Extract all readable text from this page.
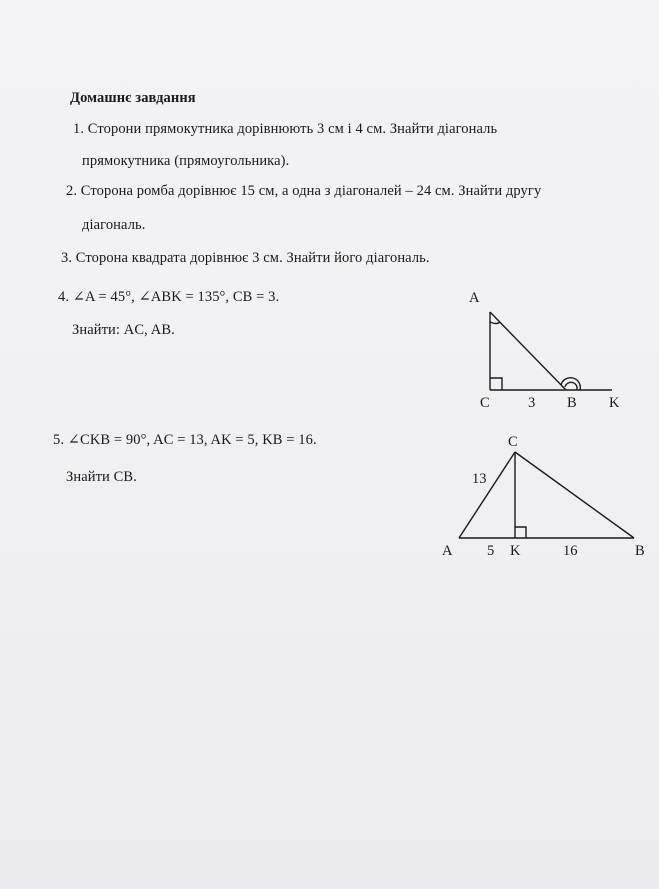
Домашнє завдання
1. Сторони прямокутника дорівнюють 3 см і 4 см. Знайти діагональ
прямокутника (прямоугольника).
2. Сторона ромба дорівнює 15 см, а одна з діагоналей – 24 см. Знайти другу
діагональ.
3. Сторона квадрата дорівнює 3 см. Знайти його діагональ.
4. ∠A = 45°, ∠ABK = 135°, CB = 3.
Знайти: AC, AB.
5. ∠CKB = 90°, AC = 13, AK = 5, KB = 16.
Знайти CB.
A
C	3 B K
C
13
A 5 K	16	B
